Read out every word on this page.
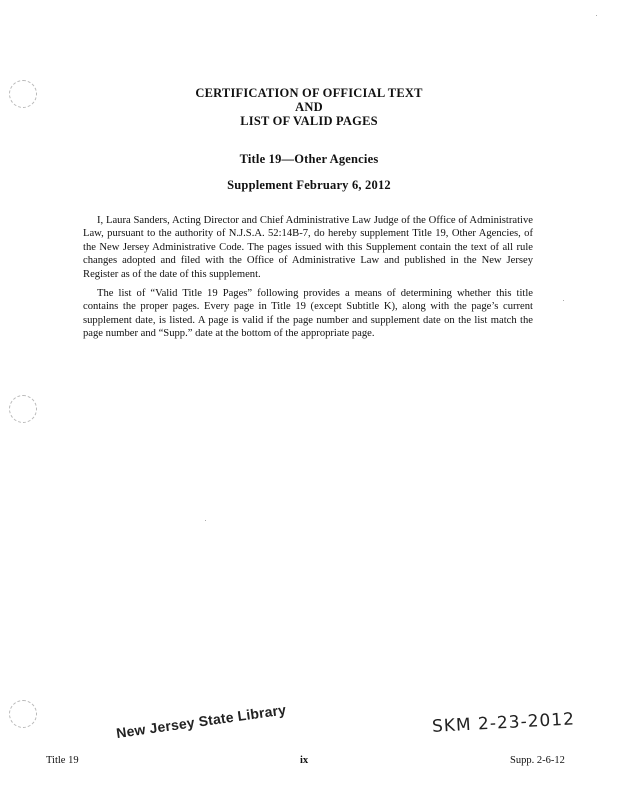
CERTIFICATION OF OFFICIAL TEXT
AND
LIST OF VALID PAGES
Title 19—Other Agencies
Supplement February 6, 2012

I, Laura Sanders, Acting Director and Chief Administrative Law Judge of the Office of Administrative Law, pursuant to the authority of N.J.S.A. 52:14B-7, do hereby supplement Title 19, Other Agencies, of the New Jersey Administrative Code. The pages issued with this Supplement contain the text of all rule changes adopted and filed with the Office of Administrative Law and published in the New Jersey Register as of the date of this supplement.

The list of “Valid Title 19 Pages” following provides a means of determining whether this title contains the proper pages. Every page in Title 19 (except Subtitle K), along with the page’s current supplement date, is listed. A page is valid if the page number and supplement date on the list match the page number and “Supp.” date at the bottom of the appropriate page.

New Jersey State Library	SKM 2-23-2012
Title 19	ix	Supp. 2-6-12
